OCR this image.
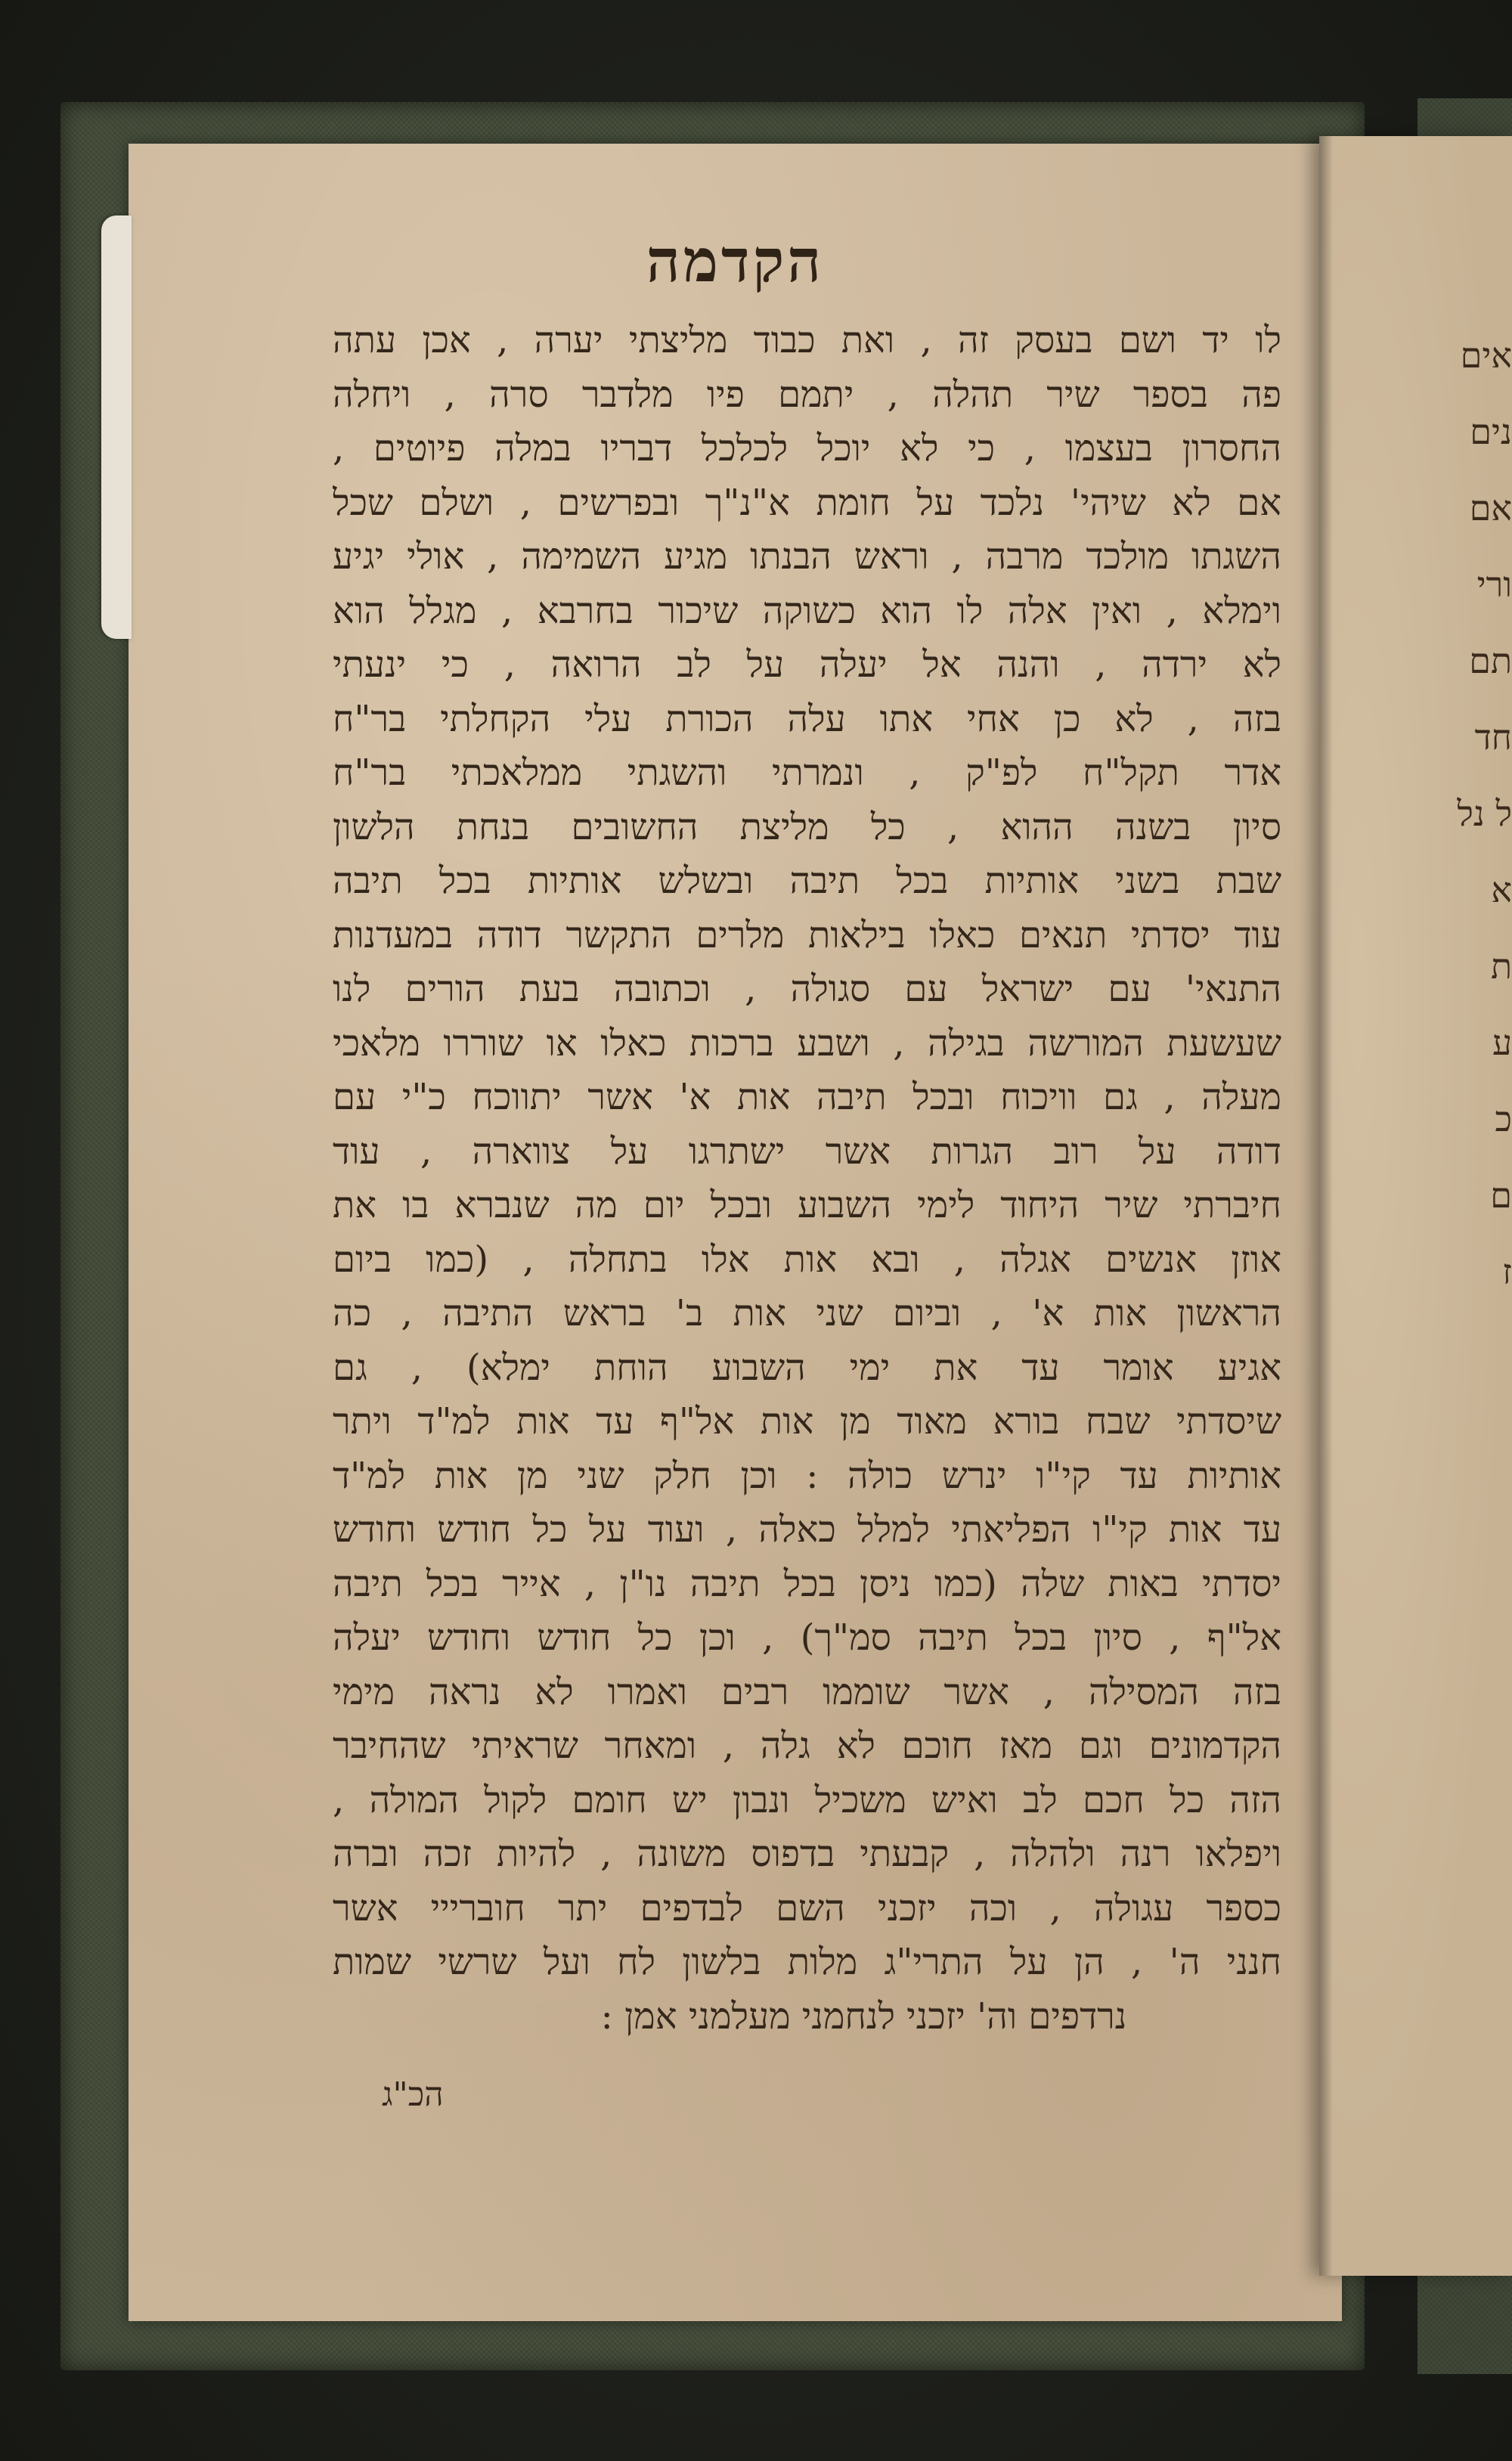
אים
נים
אם
ורי
תם
חד
ל נל
א
ת
ע
כ
ם
ז
הקדמה
לו יד ושם בעסק זה , ואת כבוד מליצתי יערה , אכן עתה
פה בספר שיר תהלה , יתמם פיו מלדבר סרה , ויחלה
החסרון בעצמו , כי לא יוכל לכלכל דבריו במלה פיוטים ,
אם לא שיהי' נלכד על חומת א"נ"ך ובפרשים , ושלם שכל
השגתו מולכד מרבה , וראש הבנתו מגיע השמימה , אולי יגיע
וימלא , ואין אלה לו הוא כשוקה שיכור בחרבא , מגלל הוא
לא ירדה , והנה אל יעלה על לב הרואה , כי ינעתי
בזה , לא כן אחי אתו עלה הכורת עלי הקחלתי בר"ח
אדר תקל"ח לפ"ק , ונמרתי והשגתי ממלאכתי בר"ח
סיון בשנה ההוא , כל מליצת החשובים בנחת הלשון
שבת בשני אותיות בכל תיבה ובשלש אותיות בכל תיבה
עוד יסדתי תנאים כאלו בילאות מלרים התקשר דודה במעדנות
התנאי' עם ישראל עם סגולה , וכתובה בעת הורים לנו
שעשעת המורשה בגילה , ושבע ברכות כאלו או שוררו מלאכי
מעלה , גם וויכוח ובכל תיבה אות א' אשר יתווכח כ"י עם
דודה על רוב הגרות אשר ישתרגו על צווארה , עוד
חיברתי שיר היחוד לימי השבוע ובכל יום מה שנברא בו את
אוזן אנשים אגלה , ובא אות אלו בתחלה , (כמו ביום
הראשון אות א' , וביום שני אות ב' בראש התיבה , כה
אגיע אומר עד את ימי השבוע הוחת ימלא) , גם
שיסדתי שבח בורא מאוד מן אות אל"ף עד אות למ"ד ויתר
אותיות עד קי"ו ינרש כולה : וכן חלק שני מן אות למ"ד
עד אות קי"ו הפליאתי למלל כאלה , ועוד על כל חודש וחודש
יסדתי באות שלה (כמו ניסן בכל תיבה נו"ן , אייר בכל תיבה
אל"ף , סיון בכל תיבה סמ"ך) , וכן כל חודש וחודש יעלה
בזה המסילה , אשר שוממו רבים ואמרו לא נראה מימי
הקדמונים וגם מאז חוכם לא גלה , ומאחר שראיתי שהחיבר
הזה כל חכם לב ואיש משכיל ונבון יש חומם לקול המולה ,
ויפלאו רנה ולהלה , קבעתי בדפוס משונה , להיות זכה וברה
כספר עגולה , וכה יזכני השם לבדפים יתר חוברייי אשר
חנני ה' , הן על התרי"ג מלות בלשון לח ועל שרשי שמות
נרדפים וה' יזכני לנחמני מעלמני אמן :
הכ"ג
